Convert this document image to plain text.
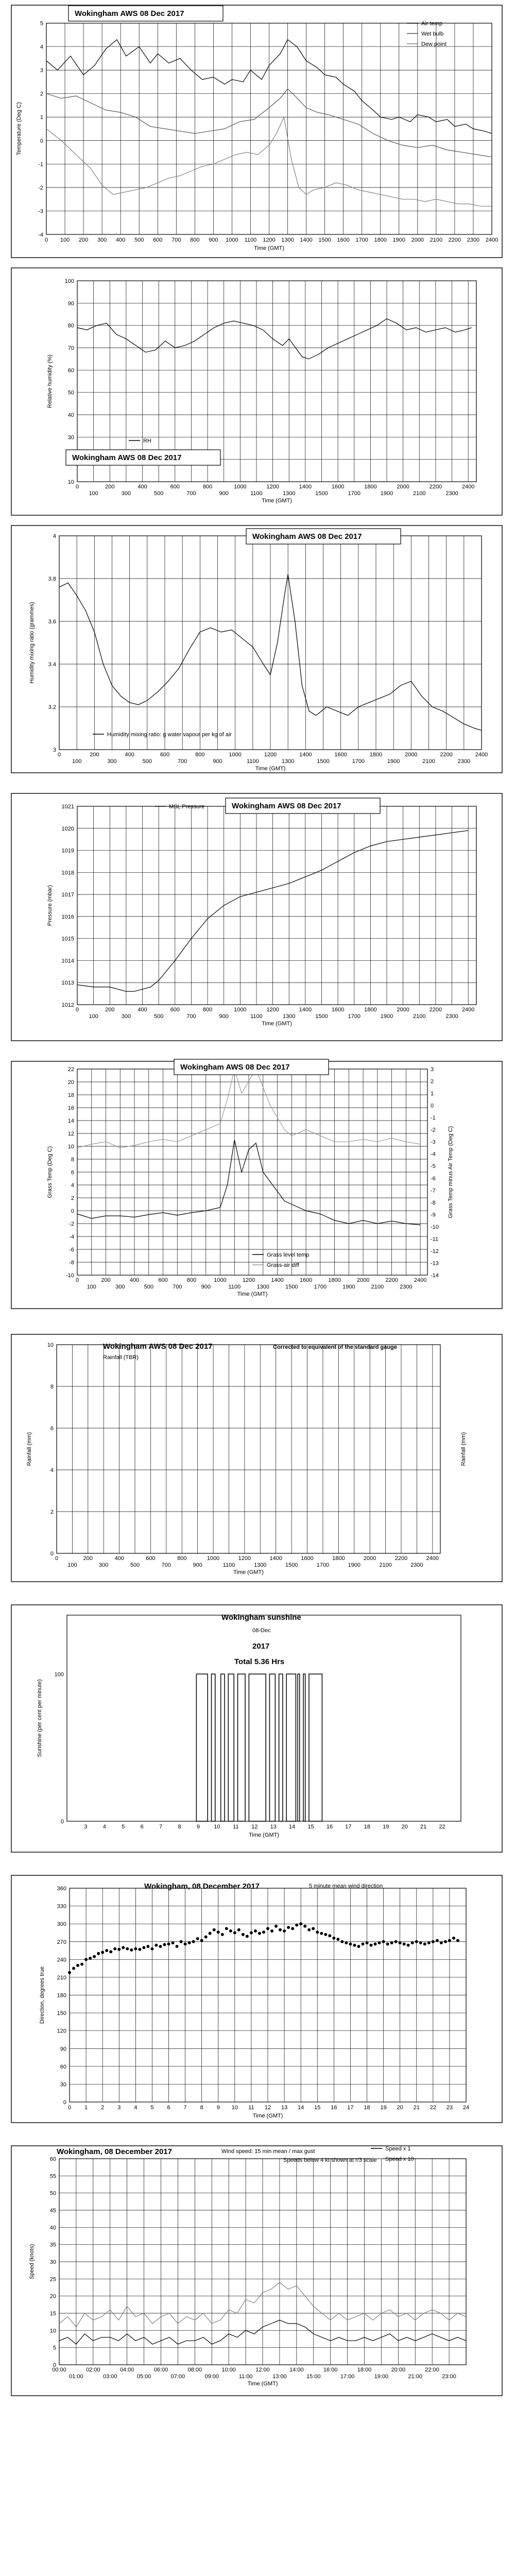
-4
-3
-2
-1
0
1
2
3
4
5
0 100 200 300 400 500 600 700 800 900 1000 1100 1200 1300 1400 1500 1600 1700 1800 1900 2000 2100 2200 2300 2400
Time (GMT)
Temperature (Deg C)
Wokingham AWS 08 Dec 2017
Air temp
Wet bulb
Dew point
10
30
40
50
60
70
80
90
100
0	200	400	600	800	1000	1200	1400	1600	1800	2000	2200	2400
100	300	500	700	900	1100	1300	1500	1700	1900	2100	2300
Time (GMT)
Relative humidity (%)
Wokingham AWS 08 Dec 2017
RH
3
3.2
3.4
3.6
3.8
4
0	200	400	600	800	1000	1200	1400	1600	1800	2000	2200	2400
100	300	500	700	900	1100	1300	1500	1700	1900	2100	2300
Time (GMT)
Humidity mixing ratio (grammes)
Wokingham AWS 08 Dec 2017
Humidity mixing ratio: g water vapour per kg of air
1012
1013
1014
1015
1016
1017
1018
1019
1020
1021
0	200	400	600	800	1000	1200	1400	1600	1800	2000	2200	2400
100	300	500	700	900	1100	1300	1500	1700	1900	2100	2300
Time (GMT)
Pressure (mbar)
Wokingham AWS 08 Dec 2017
MSL Pressure
-10
-8
-6
-4
-2
0
2
4
6
8
10
12
14
16
18
20
22
0	200	400	600	800	1000	1200	1400	1600	1800	2000	2200	2400
100	300	500	700	900	1100	1300	1500	1700	1900	2100	2300
-14
-13
-12
-11
-10
-9
-8
-7
-6
-5
-4
-3
-2
-1
0
1
2
3
Time (GMT)
Grass Temp (Deg C)	Grass Temp minus Air Temp (Deg C)
Wokingham AWS 08 Dec 2017
Grass level temp
Grass-air diff
0
2
4
6
8
10
0	200	400	600	800	1000	1200	1400	1600	1800	2000	2200	2400
100	300	500	700	900	1100	1300	1500	1700	1900	2100	2300
Time (GMT)
Rainfall (mm)	Rainfall (mm)
Wokingham AWS 08 Dec 2017
Rainfall (TBR)
Corrected to equivalent of the standard gauge
0
100
3	4	5	6	7	8	9 10 11 12 13 14 15 16 17 18 19 20 21 22
Time (GMT)
Sunshine (per cent per minute)
Wokingham sunshine
08-Dec
2017
Total 5.36 Hrs
0
30
60
90
120
150
180
210
240
270
300
330
360
0 1 2 3 4 5 6 7 8 9 10 11 12 13 14 15 16 17 18 19 20 21 22 23 24
Time (GMT)
Direction, degrees true
Wokingham, 08 December 2017	5 minute mean wind direction
0
5
10
15
20
25
30
35
40
45
50
55
60
00:00	02:00	04:00	06:00	08:00	10:00	12:00	14:00	16:00	18:00	20:00	22:00
01:00	03:00	05:00	07:00	09:00	11:00	13:00	15:00	17:00	19:00	21:00	23:00
Time (GMT)
Speed (knots)
Wokingham, 08 December 2017	Wind speed: 15 min mean / max gust
Speeds below 4 kt shown at r/3 scale
Speed x 1
Speed x 10
